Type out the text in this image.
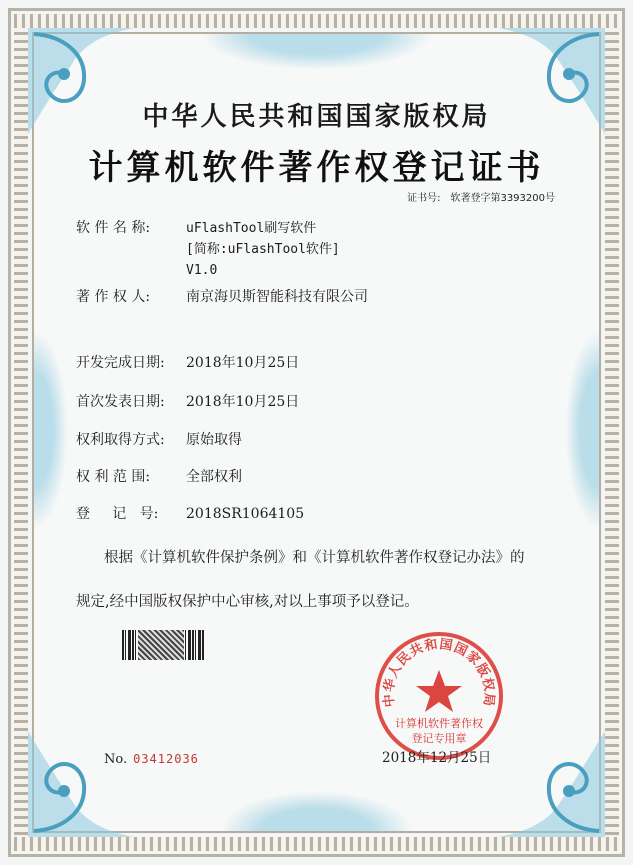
中华人民共和国国家版权局
计算机软件著作权登记证书
证书号: 软著登字第3393200号
软 件 名 称:	uFlashTool刷写软件
[简称:uFlashTool软件]
V1.0
著 作 权 人:	南京海贝斯智能科技有限公司
开发完成日期: 2018年10月25日
首次发表日期: 2018年10月25日
权利取得方式: 原始取得
权 利 范 围:	全部权利
登     记   号: 2018SR1064105
根据《计算机软件保护条例》和《计算机软件著作权登记办法》的
规定,经中国版权保护中心审核,对以上事项予以登记。
中华人民共和国国家版权局
计算机软件著作权
登记专用章
2018年12月25日
No. 03412036
